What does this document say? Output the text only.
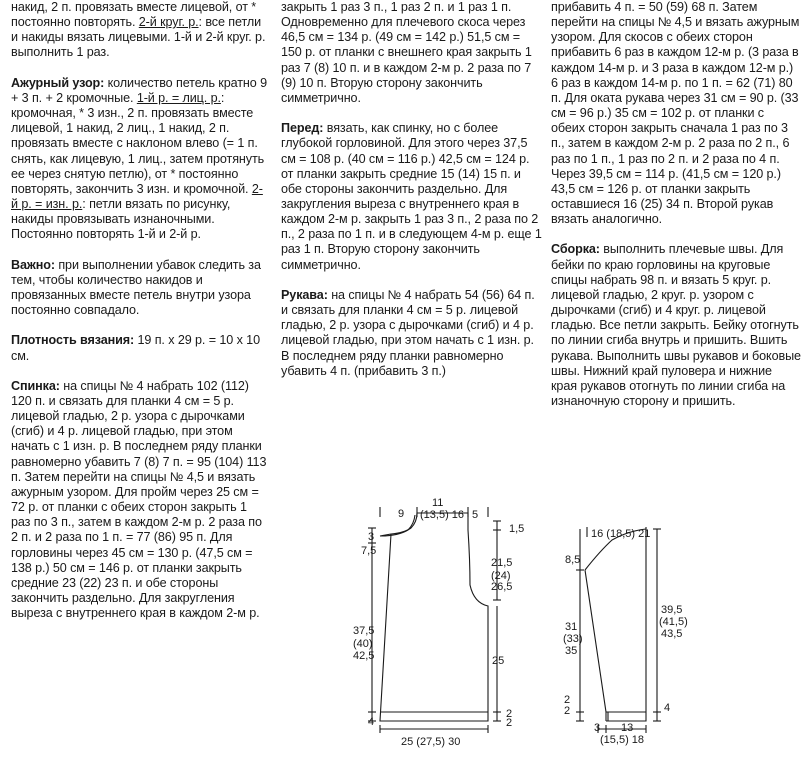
накид, 2 п. провязать вместе лицевой, от * постоянно повторять. 2-й круг. р.: все петли и накиды вязать лицевыми. 1-й и 2-й круг. р. выполнить 1 раз.

Ажурный узор: количество петель кратно 9 + 3 п. + 2 кромочные. 1-й р. = лиц. р.: кромочная, * 3 изн., 2 п. провязать вместе лицевой, 1 накид, 2 лиц., 1 накид, 2 п. провязать вместе с наклоном влево (= 1 п. снять, как лицевую, 1 лиц., затем протянуть ее через снятую петлю), от * постоянно повторять, закончить 3 изн. и кромочной. 2-й р. = изн. р.: петли вязать по рисунку, накиды провязывать изнаночными. Постоянно повторять 1-й и 2-й р.

Важно: при выполнении убавок следить за тем, чтобы количество накидов и провязанных вместе петель внутри узора постоянно совпадало.

Плотность вязания: 19 п. х 29 р. = 10 х 10 см.

Спинка: на спицы № 4 набрать 102 (112) 120 п. и связать для планки 4 см = 5 р. лицевой гладью, 2 р. узора с дырочками (сгиб) и 4 р. лицевой гладью, при этом начать с 1 изн. р. В последнем ряду планки равномерно убавить 7 (8) 7 п. = 95 (104) 113 п. Затем перейти на спицы № 4,5 и вязать ажурным узором. Для пройм через 25 см = 72 р. от планки с обеих сторон закрыть 1 раз по 3 п., затем в каждом 2-м р. 2 раза по 2 п. и 2 раза по 1 п. = 77 (86) 95 п. Для горловины через 45 см = 130 р. (47,5 см = 138 р.) 50 см = 146 р. от планки закрыть средние 23 (22) 23 п. и обе стороны закончить раздельно. Для закругления выреза с внутреннего края в каждом 2-м р.

закрыть 1 раз 3 п., 1 раз 2 п. и 1 раз 1 п. Одновременно для плечевого скоса через 46,5 см = 134 р. (49 см = 142 р.) 51,5 см = 150 р. от планки с внешнего края закрыть 1 раз 7 (8) 10 п. и в каждом 2-м р. 2 раза по 7 (9) 10 п. Вторую сторону закончить симметрично.

Перед: вязать, как спинку, но с более глубокой горловиной. Для этого через 37,5 см = 108 р. (40 см = 116 р.) 42,5 см = 124 р. от планки закрыть средние 15 (14) 15 п. и обе стороны закончить раздельно. Для закругления выреза с внутреннего края в каждом 2-м р. закрыть 1 раз 3 п., 2 раза по 2 п., 2 раза по 1 п. и в следующем 4-м р. еще 1 раз 1 п. Вторую сторону закончить симметрично.

Рукава: на спицы № 4 набрать 54 (56) 64 п. и связать для планки 4 см = 5 р. лицевой гладью, 2 р. узора с дырочками (сгиб) и 4 р. лицевой гладью, при этом начать с 1 изн. р. В последнем ряду планки равномерно убавить 4 п. (прибавить 3 п.)

прибавить 4 п. = 50 (59) 68 п. Затем перейти на спицы № 4,5 и вязать ажурным узором. Для скосов с обеих сторон прибавить 6 раз в каждом 12-м р. (3 раза в каждом 14-м р. и 3 раза в каждом 12-м р.) 6 раз в каждом 14-м р. по 1 п. = 62 (71) 80 п. Для оката рукава через 31 см = 90 р. (33 см = 96 р.) 35 см = 102 р. от планки с обеих сторон закрыть сначала 1 раз по 3 п., затем в каждом 2-м р. 2 раза по 2 п., 6 раз по 1 п., 1 раз по 2 п. и 2 раза по 4 п. Через 39,5 см = 114 р. (41,5 см = 120 р.) 43,5 см = 126 р. от планки закрыть оставшиеся 16 (25) 34 п. Второй рукав вязать аналогично.

Сборка: выполнить плечевые швы. Для бейки по краю горловины на круговые спицы набрать 98 п. и вязать 5 круг. р. лицевой гладью, 2 круг. р. узором с дырочками (сгиб) и 4 круг. р. лицевой гладью. Все петли закрыть. Бейку отогнуть по линии сгиба внутрь и пришить. Вшить рукава. Выполнить швы рукавов и боковые швы. Нижний край пуловера и нижние края рукавов отогнуть по линии сгиба на изнаночную сторону и пришить.

9
11
(13,5) 16 5
3
7,5
1,5
21,5
(24)
26,5
37,5
(40)
42,5	25
2
2
4
25 (27,5) 30
16 (18,5) 21
8,5
31
(33)
35
39,5
(41,5)
43,5
2
2	4
3 13
(15,5) 18
